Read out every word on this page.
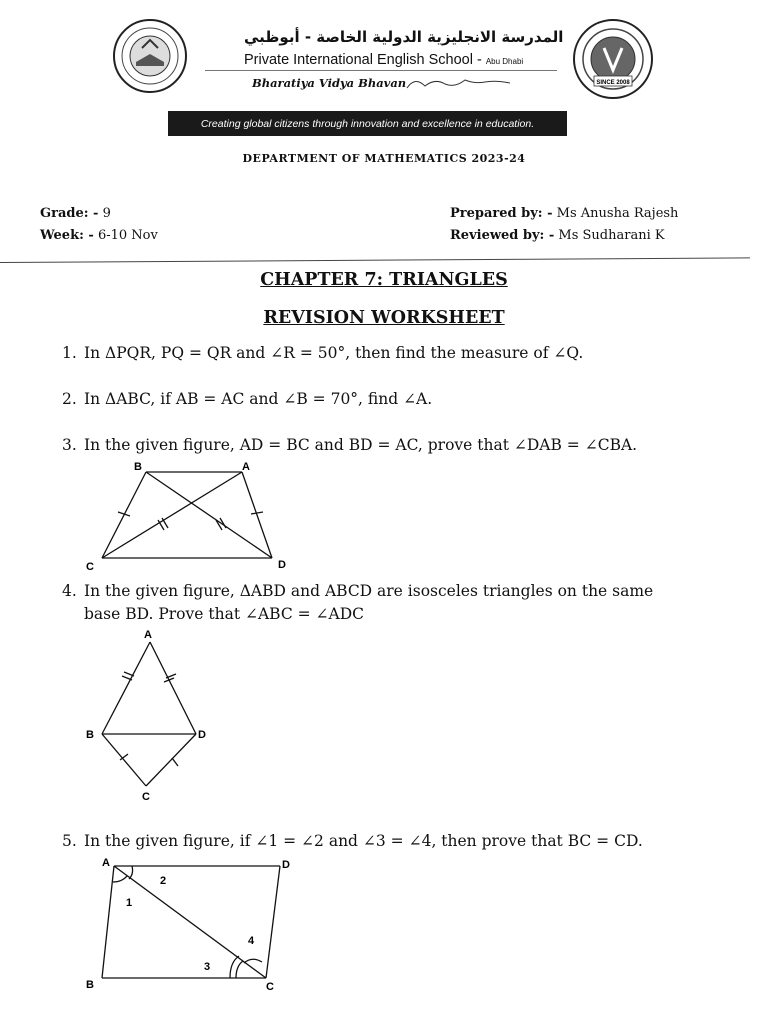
SINCE 2008
المدرسة الانجليزية الدولية الخاصة - أبوظبي
Private International English School - Abu Dhabi
Bharatiya Vidya Bhavan
Creating global citizens through innovation and excellence in education.
DEPARTMENT OF MATHEMATICS 2023-24
Grade: - 9
Week: - 6-10 Nov
Prepared by: - Ms Anusha Rajesh
Reviewed by: - Ms Sudharani K
CHAPTER 7: TRIANGLES
REVISION WORKSHEET
1. In ΔPQR, PQ = QR and ∠R = 50°, then find the measure of ∠Q.
2. In ΔABC, if AB = AC and ∠B = 70°, find ∠A.
3. In the given figure, AD = BC and BD = AC, prove that ∠DAB = ∠CBA.
B	A
C	D
4. In the given figure, ΔABD and ABCD are isosceles triangles on the same
base BD. Prove that ∠ABC = ∠ADC
A
B	D
C
5. In the given figure, if ∠1 = ∠2 and ∠3 = ∠4, then prove that BC = CD.
A	D
B	C
1
2
3
4
